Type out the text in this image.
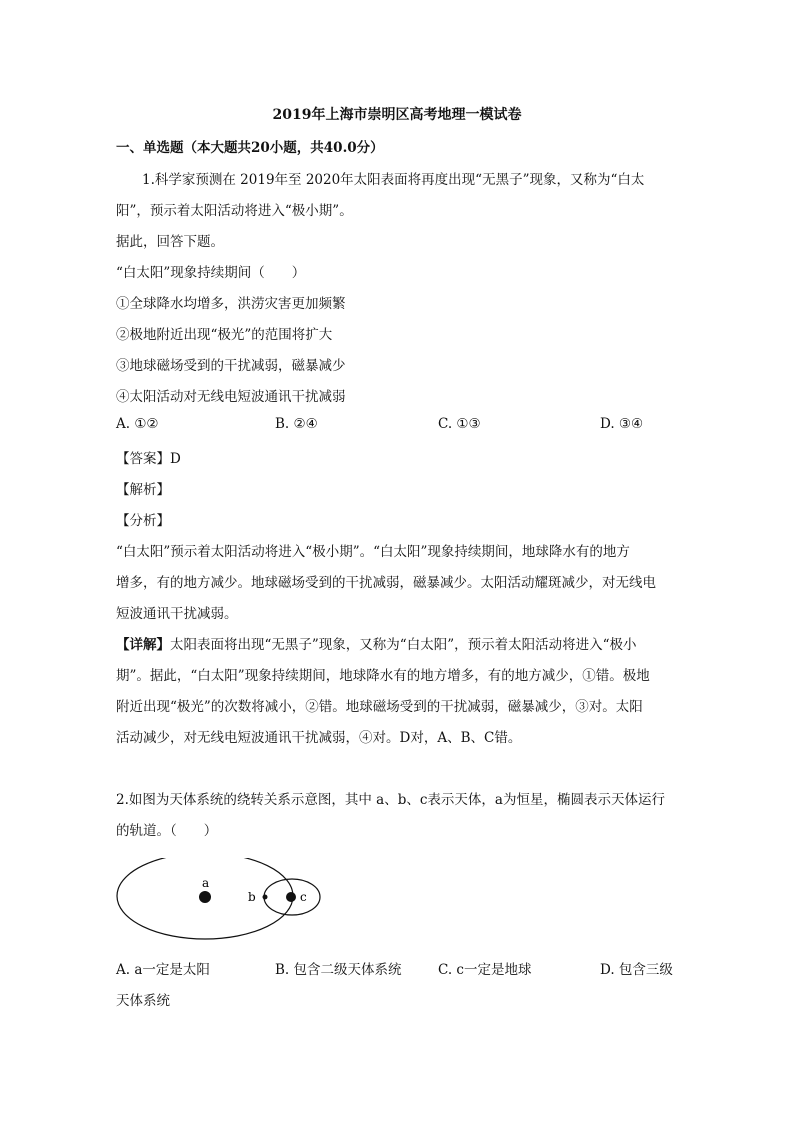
2019年上海市崇明区高考地理一模试卷
一、单选题（本大题共20小题，共40.0分）
1.科学家预测在 2019年至 2020年太阳表面将再度出现“无黑子”现象，又称为“白太
阳”，预示着太阳活动将进入“极小期”。
据此，回答下题。
“白太阳”现象持续期间（　　）
①全球降水均增多，洪涝灾害更加频繁
②极地附近出现“极光”的范围将扩大
③地球磁场受到的干扰减弱，磁暴减少
④太阳活动对无线电短波通讯干扰减弱
A. ①②	B. ②④	C. ①③	D. ③④
【答案】D
【解析】
【分析】
“白太阳”预示着太阳活动将进入“极小期”。“白太阳”现象持续期间，地球降水有的地方
增多，有的地方减少。地球磁场受到的干扰减弱，磁暴减少。太阳活动耀斑减少，对无线电
短波通讯干扰减弱。
【详解】太阳表面将出现“无黑子”现象，又称为“白太阳”，预示着太阳活动将进入“极小
期”。据此，“白太阳”现象持续期间，地球降水有的地方增多，有的地方减少，①错。极地
附近出现“极光”的次数将减小，②错。地球磁场受到的干扰减弱，磁暴减少，③对。太阳
活动减少，对无线电短波通讯干扰减弱，④对。D对，A、B、C错。
2.如图为天体系统的绕转关系示意图，其中 a、b、c表示天体，a为恒星，椭圆表示天体运行
的轨道。（　　）
a
b	c
A. a一定是太阳	B. 包含二级天体系统	C. c一定是地球	D. 包含三级
天体系统
